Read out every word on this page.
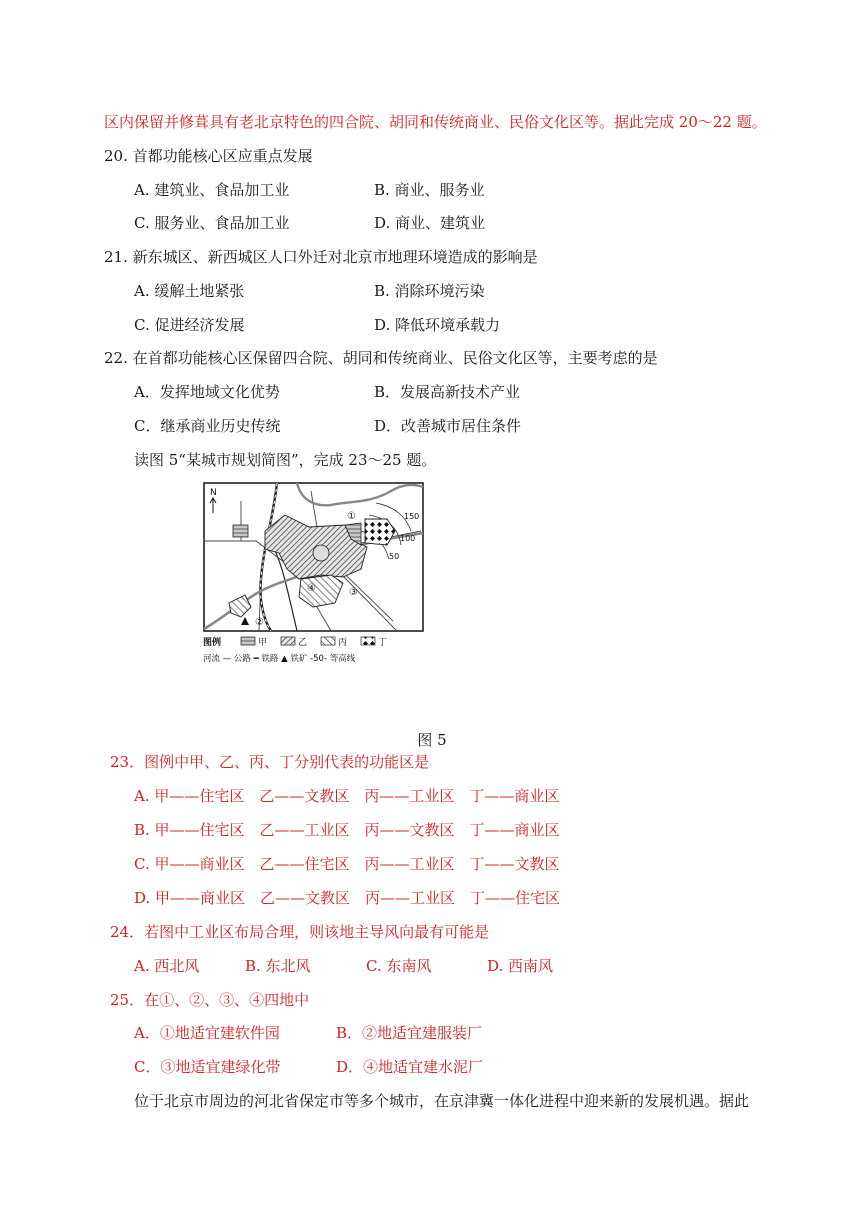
区内保留并修葺具有老北京特色的四合院、胡同和传统商业、民俗文化区等。据此完成 20～22 题。
20. 首都功能核心区应重点发展
A. 建筑业、食品加工业	B. 商业、服务业
C. 服务业、食品加工业	D. 商业、建筑业
21. 新东城区、新西城区人口外迁对北京市地理环境造成的影响是
A. 缓解土地紧张	B. 消除环境污染
C. 促进经济发展	D. 降低环境承载力
22. 在首都功能核心区保留四合院、胡同和传统商业、民俗文化区等，主要考虑的是
A．发挥地域文化优势	B．发展高新技术产业
C．继承商业历史传统	D．改善城市居住条件
读图 5“某城市规划简图”，完成 23～25 题。
N
150
100
50
①
②
③
④
图例	甲	乙	丙	丁
河流 — 公路 ━ 铁路 ▲ 铁矿 -50- 等高线
图 5
23．图例中甲、乙、丙、丁分别代表的功能区是
A. 甲——住宅区　乙——文教区　丙——工业区　丁——商业区
B. 甲——住宅区　乙——工业区　丙——文教区　丁——商业区
C. 甲——商业区　乙——住宅区　丙——工业区　丁——文教区
D. 甲——商业区　乙——文教区　丙——工业区　丁——住宅区
24．若图中工业区布局合理，则该地主导风向最有可能是
A. 西北风	B. 东北风	C. 东南风	D. 西南风
25．在①、②、③、④四地中
A．①地适宜建软件园	B．②地适宜建服装厂
C．③地适宜建绿化带	D．④地适宜建水泥厂
位于北京市周边的河北省保定市等多个城市，在京津冀一体化进程中迎来新的发展机遇。据此
